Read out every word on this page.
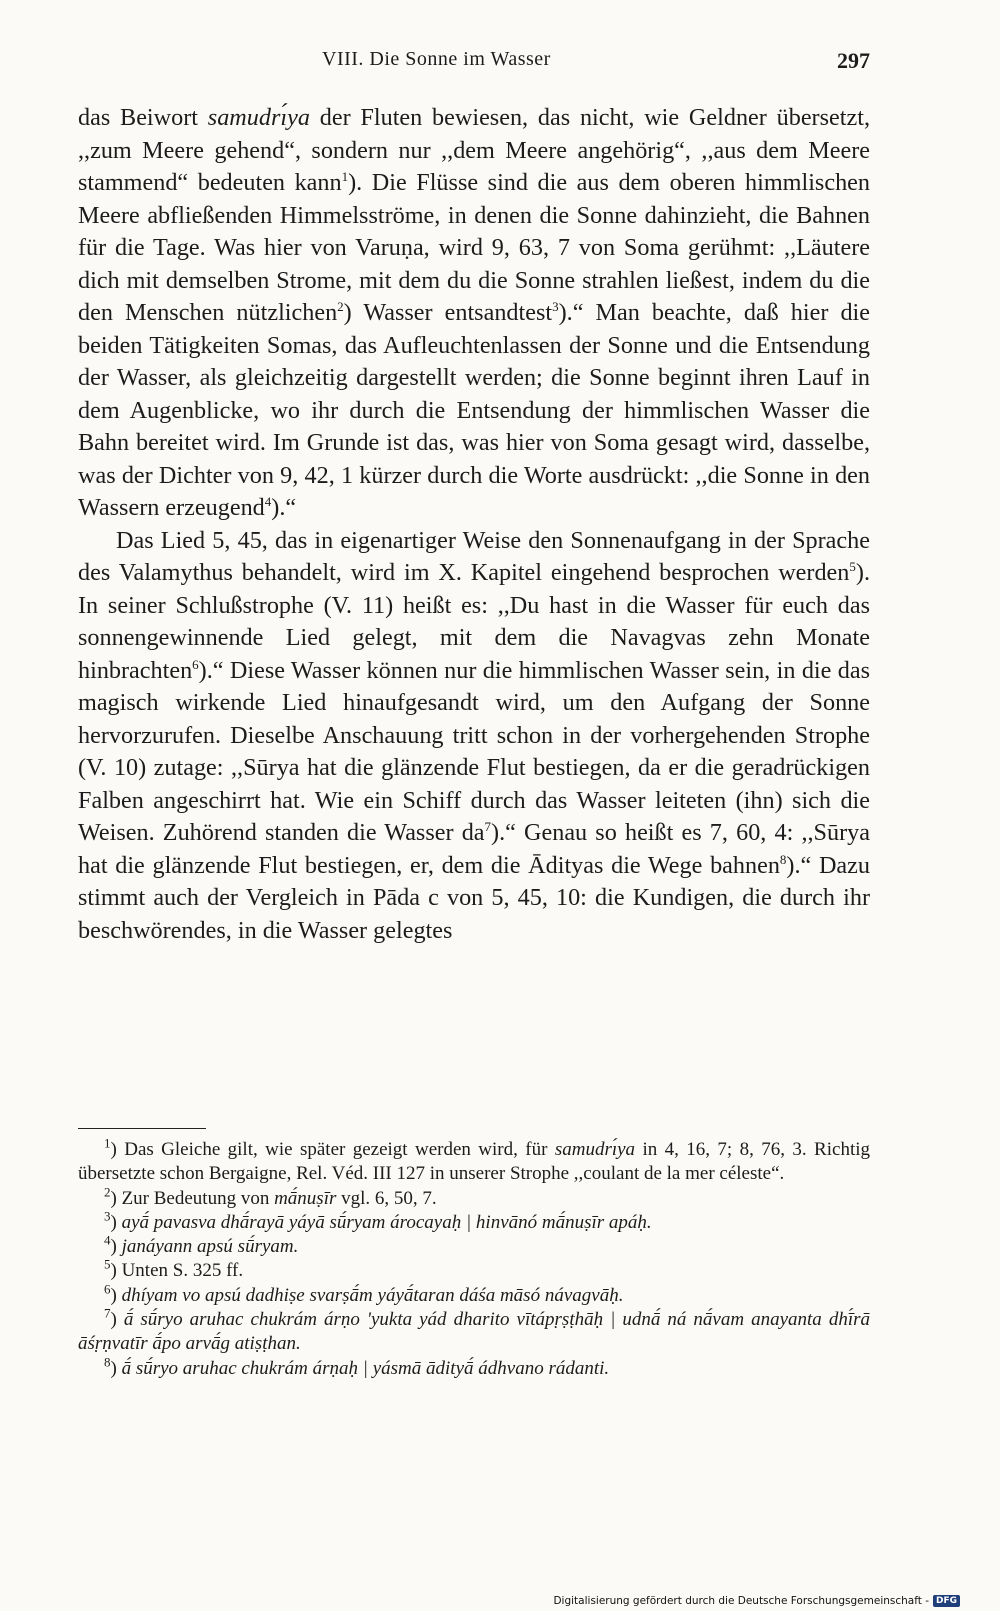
VIII. Die Sonne im Wasser	297

das Beiwort samudrı́ya der Fluten bewiesen, das nicht, wie Geldner übersetzt, ,,zum Meere gehend“, sondern nur ,,dem Meere angehörig“, ,,aus dem Meere stammend“ bedeuten kann$^1$). Die Flüsse sind die aus dem oberen himmlischen Meere abfließenden Himmelsströme, in denen die Sonne dahinzieht, die Bahnen für die Tage. Was hier von Varuṇa, wird 9, 63, 7 von Soma gerühmt: ,,Läutere dich mit demselben Strome, mit dem du die Sonne strahlen ließest, indem du die den Menschen nützlichen$^2$) Wasser entsandtest$^3$).“ Man beachte, daß hier die beiden Tätigkeiten Somas, das Aufleuchtenlassen der Sonne und die Entsendung der Wasser, als gleichzeitig dargestellt werden; die Sonne beginnt ihren Lauf in dem Augenblicke, wo ihr durch die Entsendung der himmlischen Wasser die Bahn bereitet wird. Im Grunde ist das, was hier von Soma gesagt wird, dasselbe, was der Dichter von 9, 42, 1 kürzer durch die Worte ausdrückt: ,,die Sonne in den Wassern erzeugend$^4$).“

Das Lied 5, 45, das in eigenartiger Weise den Sonnenaufgang in der Sprache des Valamythus behandelt, wird im X. Kapitel eingehend besprochen werden$^5$). In seiner Schlußstrophe (V. 11) heißt es: ,,Du hast in die Wasser für euch das sonnengewinnende Lied gelegt, mit dem die Navagvas zehn Monate hinbrachten$^6$).“ Diese Wasser können nur die himmlischen Wasser sein, in die das magisch wirkende Lied hinaufgesandt wird, um den Aufgang der Sonne hervorzurufen. Dieselbe Anschauung tritt schon in der vorhergehenden Strophe (V. 10) zutage: ,,Sūrya hat die glänzende Flut bestiegen, da er die geradrückigen Falben angeschirrt hat. Wie ein Schiff durch das Wasser leiteten (ihn) sich die Weisen. Zuhörend standen die Wasser $da^7).“$ Genau so heißt es 7, 60, 4: ,,Sūrya hat die glänzende Flut bestiegen, er, dem die Ādityas die Wege bahnen$^8$).“ Dazu stimmt auch der Vergleich in Pāda c von 5, 45, 10: die Kundigen, die durch ihr beschwörendes, in die Wasser gelegtes

$^1$) Das Gleiche gilt, wie später gezeigt werden wird, für samudrı́ya in 4, 16, 7; 8, 76, 3. Richtig übersetzte schon Bergaigne, Rel. Véd. III 127 in unserer Strophe ,,coulant de la mer céleste“.

$^2$) Zur Bedeutung von mā́nuṣīr vgl. 6, 50, 7.

$^3$) ayā́ pavasva dhā́rayā yáyā sū́ryam árocayaḥ | hinvānó mā́nuṣīr apáḥ.

$^4$) janáyann apsú sū́ryam.

$^5$) Unten S. 325 ff.

$^6$) dhíyam vo apsú dadhiṣe svarṣā́m yáyā́taran dáśa māsó návagvāḥ.

$^7$) ā́ sū́ryo aruhac chukrám árṇo 'yukta yád dharito vītápṛṣṭhāḥ | udnā́ ná nā́vam anayanta dhī́rā āśṛṇvatīr ā́po arvā́g atiṣṭhan.

$^8$) ā́ sū́ryo aruhac chukrám árṇaḥ | yásmā ādityā́ ádhvano rádanti.

Digitalisierung gefördert durch die Deutsche Forschungsgemeinschaft - DFG
